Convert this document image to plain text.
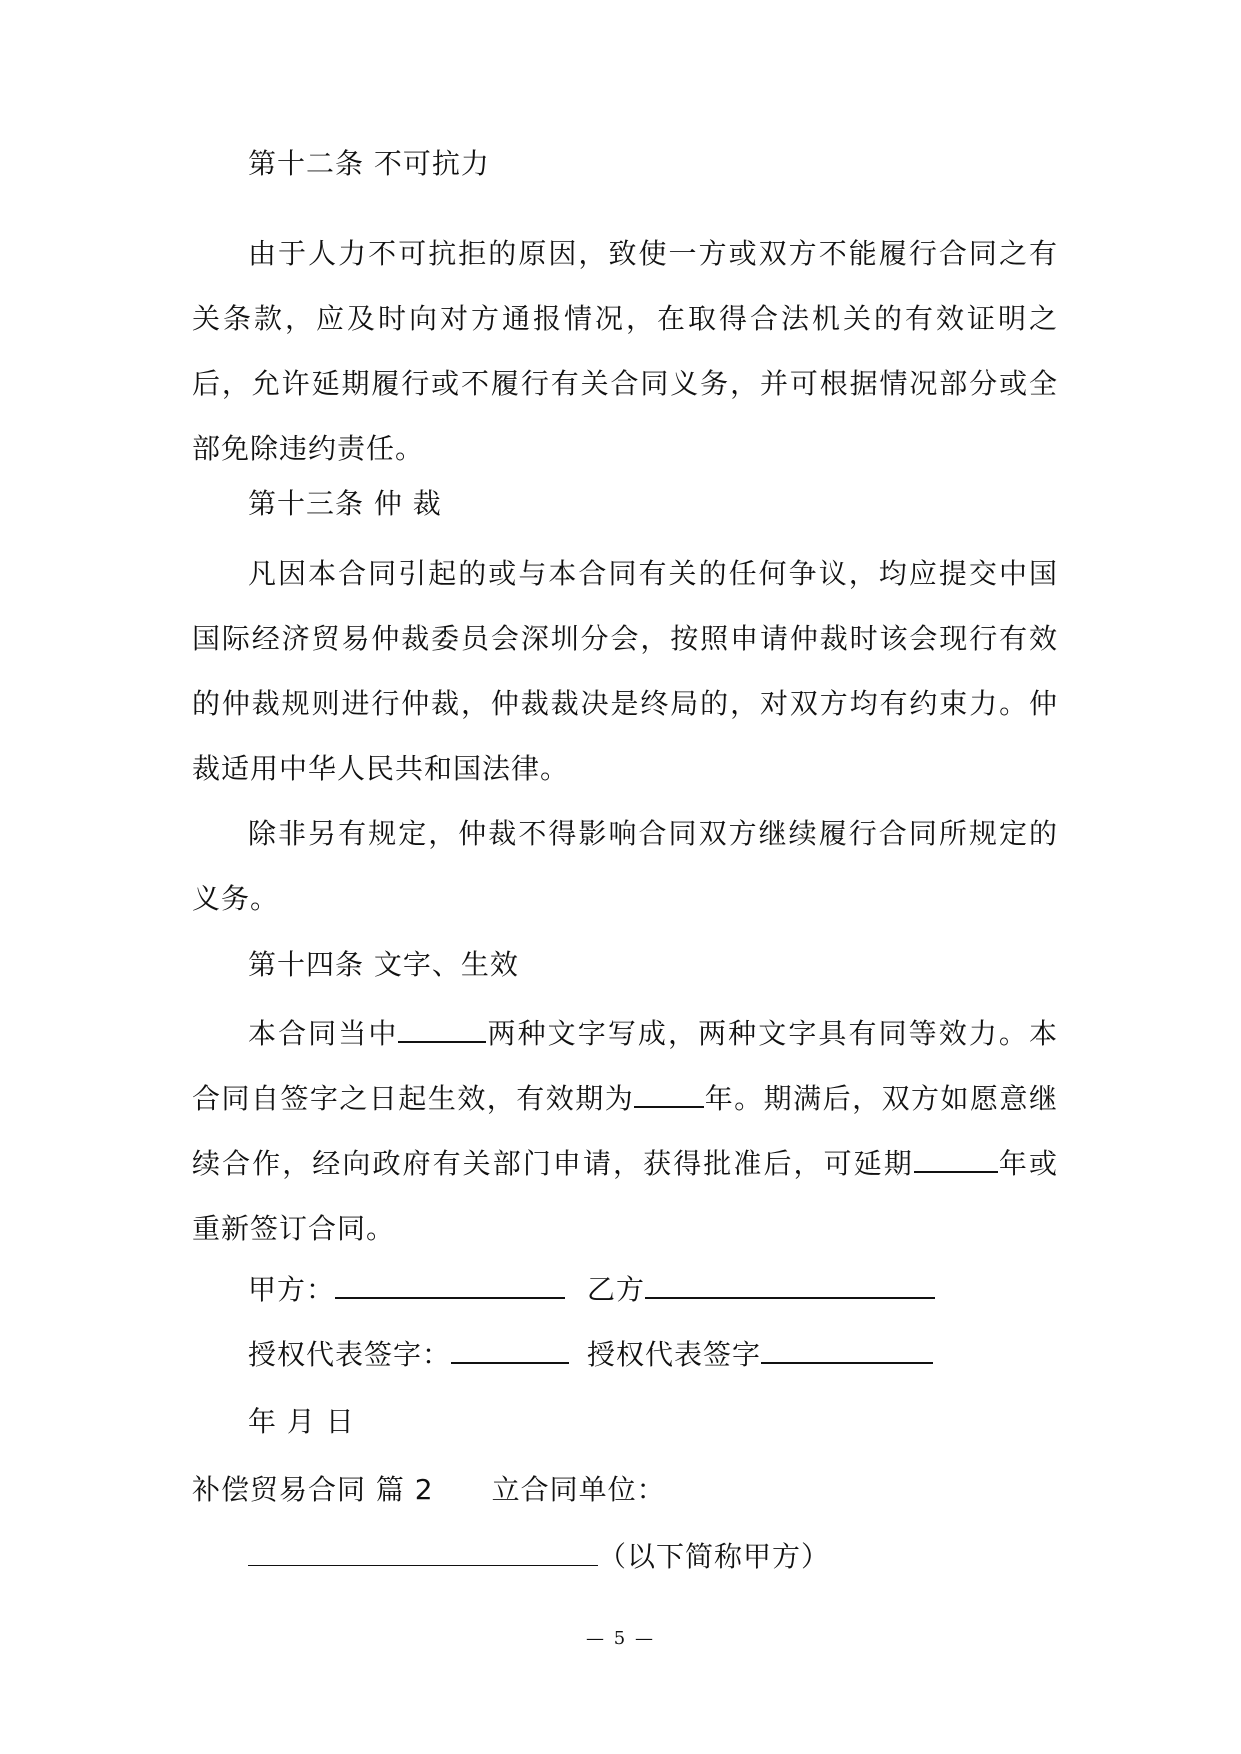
第十二条 不可抗力

由于人力不可抗拒的原因，致使一方或双方不能履行合同之有关条款，应及时向对方通报情况，在取得合法机关的有效证明之后，允许延期履行或不履行有关合同义务，并可根据情况部分或全部免除违约责任。

第十三条 仲 裁

凡因本合同引起的或与本合同有关的任何争议，均应提交中国国际经济贸易仲裁委员会深圳分会，按照申请仲裁时该会现行有效的仲裁规则进行仲裁，仲裁裁决是终局的，对双方均有约束力。仲裁适用中华人民共和国法律。

除非另有规定，仲裁不得影响合同双方继续履行合同所规定的义务。

第十四条 文字、生效

本合同当中	两种文字写成，两种文字具有同等效力。本合同自签字之日起生效，有效期为	年。期满后，双方如愿意继续合作，经向政府有关部门申请，获得批准后，可延期	年或重新签订合同。

甲方：	乙方
授权代表签字：	授权代表签字
年 月 日
补偿贸易合同 篇 2 立合同单位：
（以下简称甲方）
— 5 —
